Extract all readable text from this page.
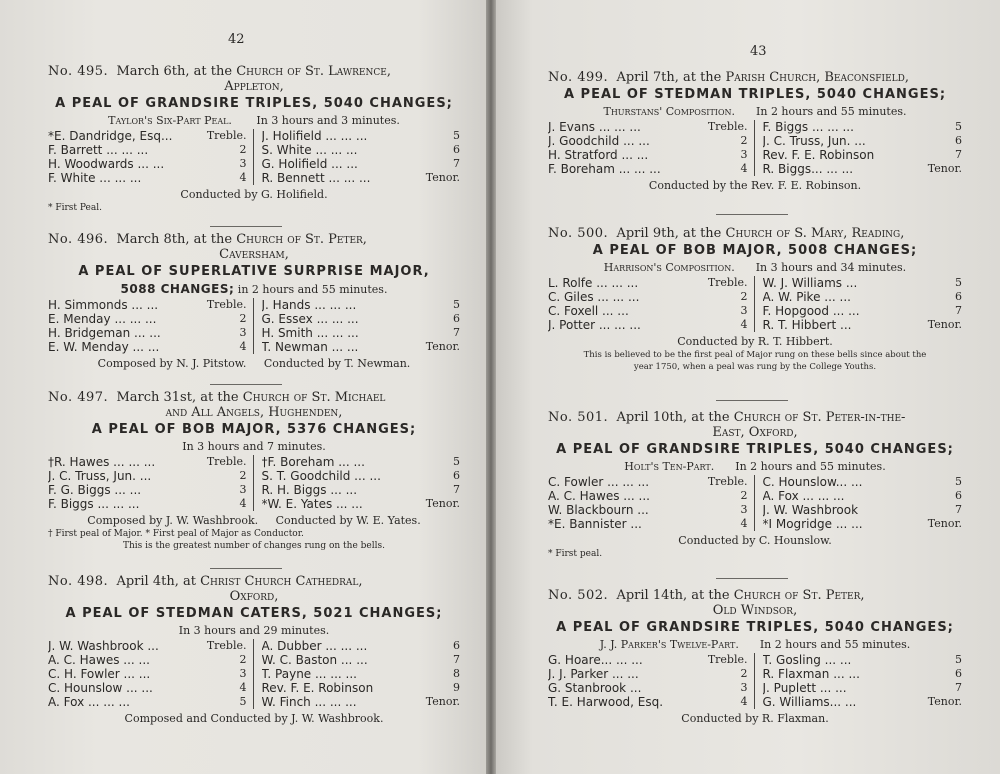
42
No. 495. March 6th, at the Church of St. Lawrence,
Appleton,
A PEAL OF GRANDSIRE TRIPLES, 5040 CHANGES;
Taylor's Six-Part Peal. In 3 hours and 3 minutes.
*E. Dandridge, Esq...	Treble.
F. Barrett ... ... ...	2
H. Woodwards ... ...	3
F. White ... ... ...	4
J. Holifield ... ... ...	5
S. White ... ... ...	6
G. Holifield ... ...	7
R. Bennett ... ... ...	Tenor.
Conducted by G. Holifield.
* First Peal.
No. 496. March 8th, at the Church of St. Peter,
Caversham,
A PEAL OF SUPERLATIVE SURPRISE MAJOR,
5088 CHANGES; in 2 hours and 55 minutes.
H. Simmonds ... ...	Treble.
E. Menday ... ... ...	2
H. Bridgeman ... ...	3
E. W. Menday ... ...	4
J. Hands ... ... ...	5
G. Essex ... ... ...	6
H. Smith ... ... ...	7
T. Newman ... ...	Tenor.
Composed by N. J. Pitstow. Conducted by T. Newman.
No. 497. March 31st, at the Church of St. Michael
and All Angels, Hughenden,
A PEAL OF BOB MAJOR, 5376 CHANGES;
In 3 hours and 7 minutes.
†R. Hawes ... ... ...	Treble.
J. C. Truss, Jun. ...	2
F. G. Biggs ... ...	3
F. Biggs ... ... ...	4
†F. Boreham ... ...	5
S. T. Goodchild ... ...	6
R. H. Biggs ... ...	7
*W. E. Yates ... ...	Tenor.
Composed by J. W. Washbrook. Conducted by W. E. Yates.
† First peal of Major. * First peal of Major as Conductor.
This is the greatest number of changes rung on the bells.
No. 498. April 4th, at Christ Church Cathedral,
Oxford,
A PEAL OF STEDMAN CATERS, 5021 CHANGES;
In 3 hours and 29 minutes.
J. W. Washbrook ...	Treble.
A. C. Hawes ... ...	2
C. H. Fowler ... ...	3
C. Hounslow ... ...	4
A. Fox ... ... ...	5
A. Dubber ... ... ...	6
W. C. Baston ... ...	7
T. Payne ... ... ...	8
Rev. F. E. Robinson	9
W. Finch ... ... ...	Tenor.
Composed and Conducted by J. W. Washbrook.
43
No. 499. April 7th, at the Parish Church, Beaconsfield,
A PEAL OF STEDMAN TRIPLES, 5040 CHANGES;
Thurstans' Composition. In 2 hours and 55 minutes.
J. Evans ... ... ...	Treble.
J. Goodchild ... ...	2
H. Stratford ... ...	3
F. Boreham ... ... ...	4
F. Biggs ... ... ...	5
J. C. Truss, Jun. ...	6
Rev. F. E. Robinson	7
R. Biggs... ... ...	Tenor.
Conducted by the Rev. F. E. Robinson.
No. 500. April 9th, at the Church of S. Mary, Reading,
A PEAL OF BOB MAJOR, 5008 CHANGES;
Harrison's Composition. In 3 hours and 34 minutes.
L. Rolfe ... ... ...	Treble.
C. Giles ... ... ...	2
C. Foxell ... ...	3
J. Potter ... ... ...	4
W. J. Williams ...	5
A. W. Pike ... ...	6
F. Hopgood ... ...	7
R. T. Hibbert ...	Tenor.
Conducted by R. T. Hibbert.
This is believed to be the first peal of Major rung on these bells since about the
year 1750, when a peal was rung by the College Youths.
No. 501. April 10th, at the Church of St. Peter-in-the-
East, Oxford,
A PEAL OF GRANDSIRE TRIPLES, 5040 CHANGES;
Holt's Ten-Part. In 2 hours and 55 minutes.
C. Fowler ... ... ...	Treble.
A. C. Hawes ... ...	2
W. Blackbourn ...	3
*E. Bannister ...	4
C. Hounslow... ...	5
A. Fox ... ... ...	6
J. W. Washbrook	7
*I Mogridge ... ...	Tenor.
Conducted by C. Hounslow.
* First peal.
No. 502. April 14th, at the Church of St. Peter,
Old Windsor,
A PEAL OF GRANDSIRE TRIPLES, 5040 CHANGES;
J. J. Parker's Twelve-Part. In 2 hours and 55 minutes.
G. Hoare... ... ...	Treble.
J. J. Parker ... ...	2
G. Stanbrook ...	3
T. E. Harwood, Esq.	4
T. Gosling ... ...	5
R. Flaxman ... ...	6
J. Puplett ... ...	7
G. Williams... ...	Tenor.
Conducted by R. Flaxman.
